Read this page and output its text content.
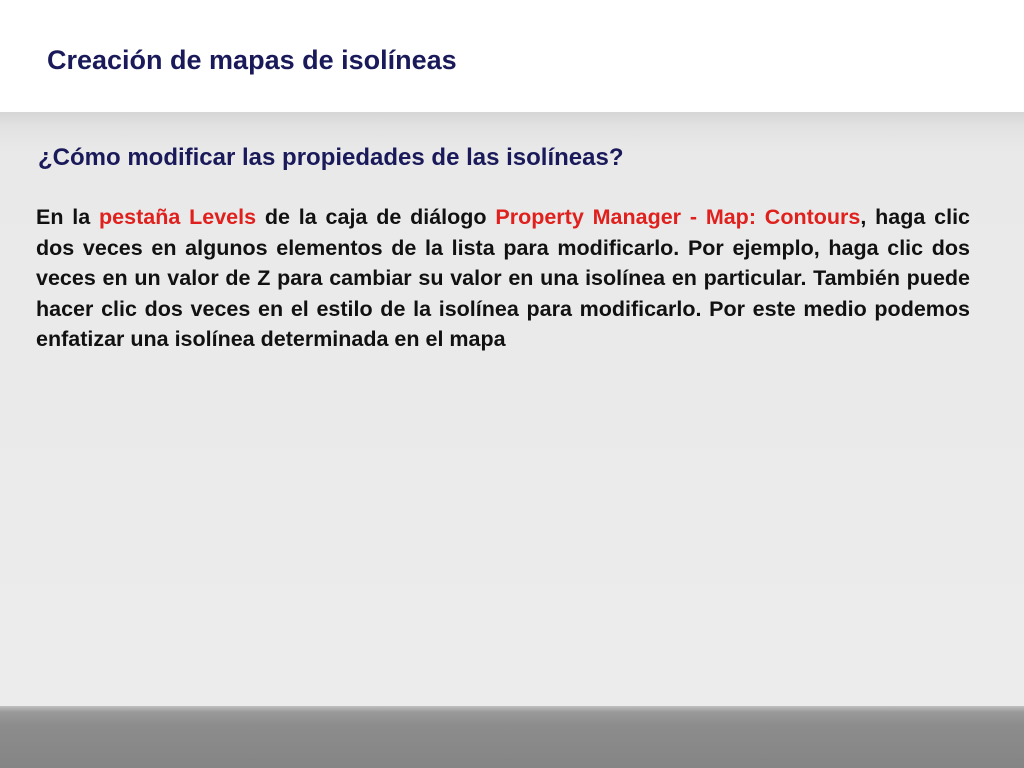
Creación de mapas de isolíneas
¿Cómo modificar las propiedades de las isolíneas?

En la pestaña Levels de la caja de diálogo Property Manager - Map: Contours, haga clic dos veces en algunos elementos de la lista para modificarlo. Por ejemplo, haga clic dos veces en un valor de Z para cambiar su valor en una isolínea en particular. También puede hacer clic dos veces en el estilo de la isolínea para modificarlo. Por este medio podemos enfatizar una isolínea determinada en el mapa
